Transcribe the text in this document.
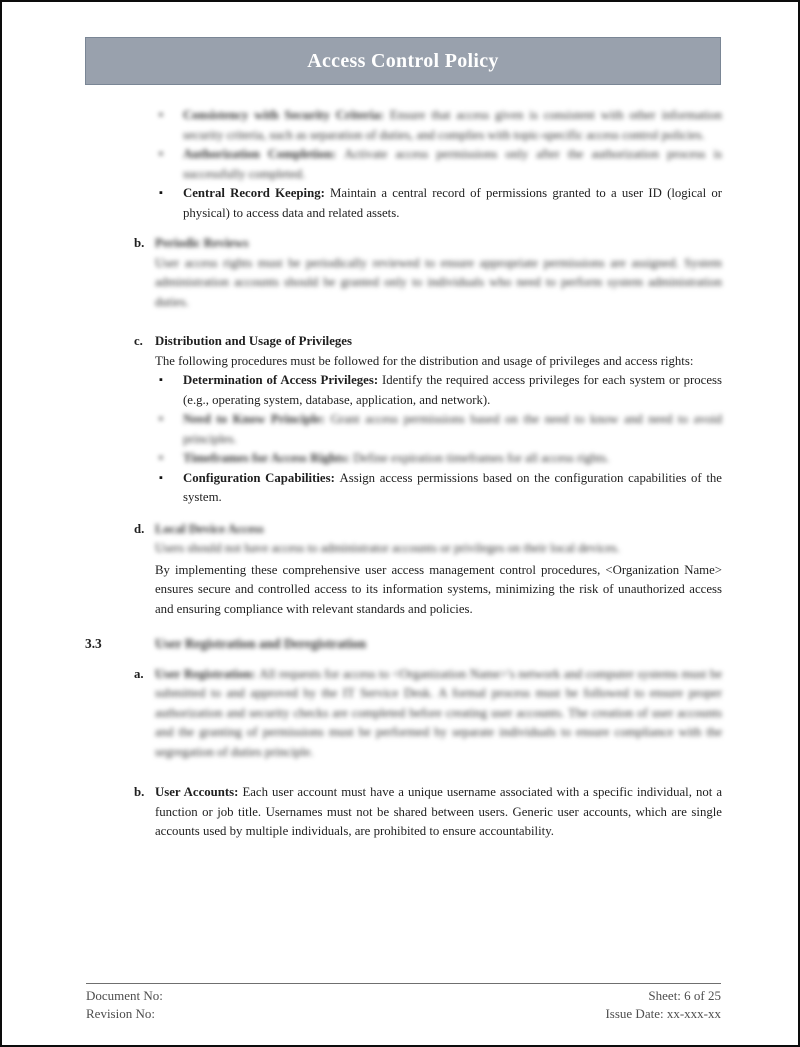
Access Control Policy
▪ Consistency with Security Criteria: Ensure that access given is consistent with other information security criteria, such as separation of duties, and complies with topic-specific access control policies.
▪ Authorization Completion: Activate access permissions only after the authorization process is successfully completed.
▪ Central Record Keeping: Maintain a central record of permissions granted to a user ID (logical or physical) to access data and related assets.
b. Periodic Reviews
User access rights must be periodically reviewed to ensure appropriate permissions are assigned. System administration accounts should be granted only to individuals who need to perform system administration duties.
c. Distribution and Usage of Privileges
The following procedures must be followed for the distribution and usage of privileges and access rights:
▪ Determination of Access Privileges: Identify the required access privileges for each system or process (e.g., operating system, database, application, and network).
▪ Need to Know Principle: Grant access permissions based on the need to know and need to avoid principles.
▪ Timeframes for Access Rights: Define expiration timeframes for all access rights.
▪ Configuration Capabilities: Assign access permissions based on the configuration capabilities of the system.
d. Local Device Access
Users should not have access to administrator accounts or privileges on their local devices.
By implementing these comprehensive user access management control procedures, <Organization Name> ensures secure and controlled access to its information systems, minimizing the risk of unauthorized access and ensuring compliance with relevant standards and policies.
3.3	User Registration and Deregistration
a. User Registration: All requests for access to <Organization Name>'s network and computer systems must be submitted to and approved by the IT Service Desk. A formal process must be followed to ensure proper authorization and security checks are completed before creating user accounts. The creation of user accounts and the granting of permissions must be performed by separate individuals to ensure compliance with the segregation of duties principle.
b. User Accounts: Each user account must have a unique username associated with a specific individual, not a function or job title. Usernames must not be shared between users. Generic user accounts, which are single accounts used by multiple individuals, are prohibited to ensure accountability.
Document No:
Revision No:
Sheet: 6 of 25
Issue Date: xx-xxx-xx
